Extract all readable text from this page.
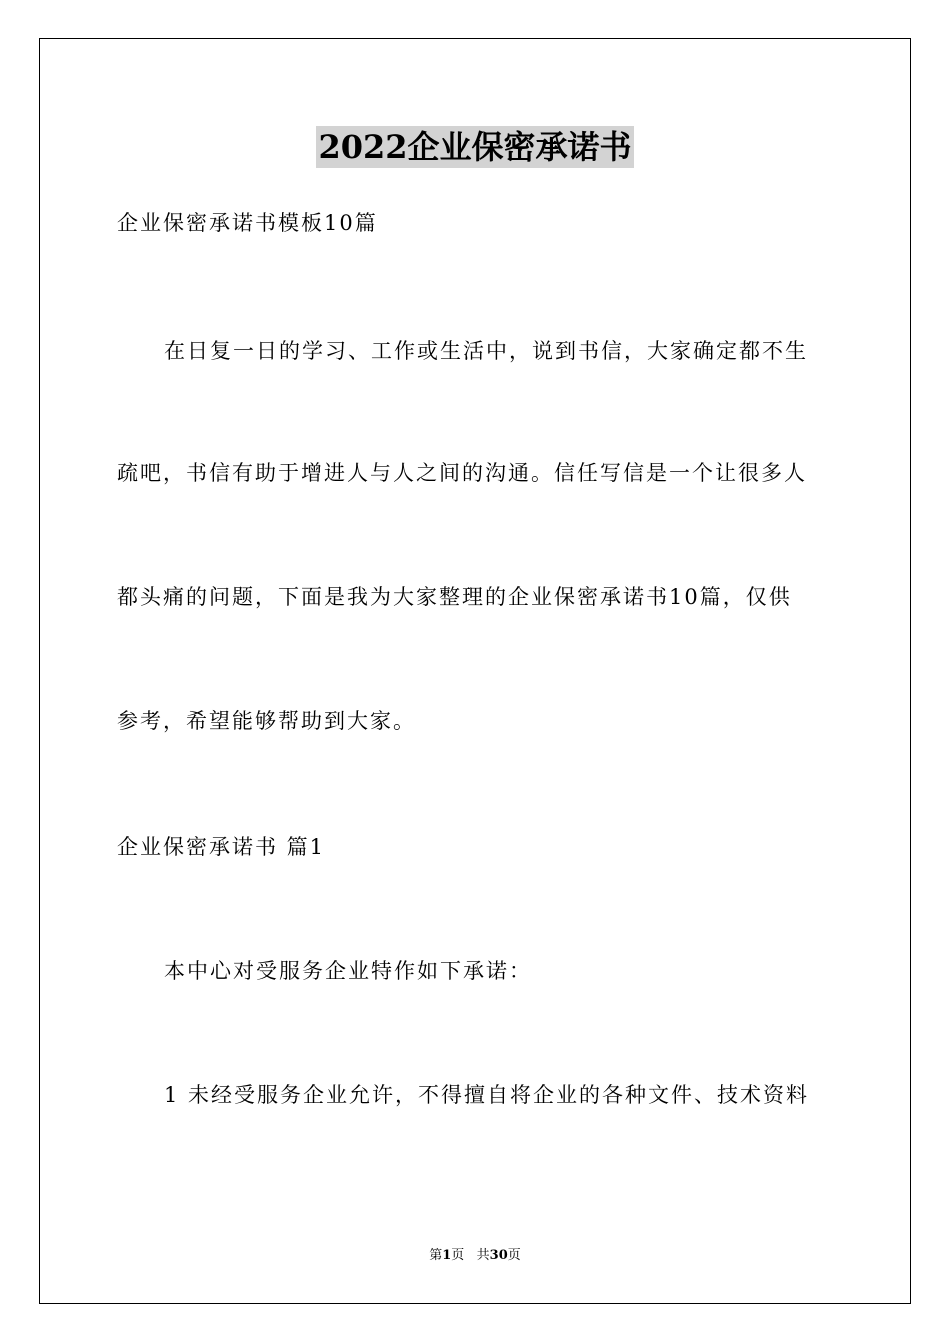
2022企业保密承诺书
企业保密承诺书模板10篇
在日复一日的学习、工作或生活中，说到书信，大家确定都不生
疏吧，书信有助于增进人与人之间的沟通。信任写信是一个让很多人
都头痛的问题，下面是我为大家整理的企业保密承诺书10篇，仅供
参考，希望能够帮助到大家。
企业保密承诺书 篇1
本中心对受服务企业特作如下承诺：
1 未经受服务企业允许，不得擅自将企业的各种文件、技术资料
第1页   共30页
